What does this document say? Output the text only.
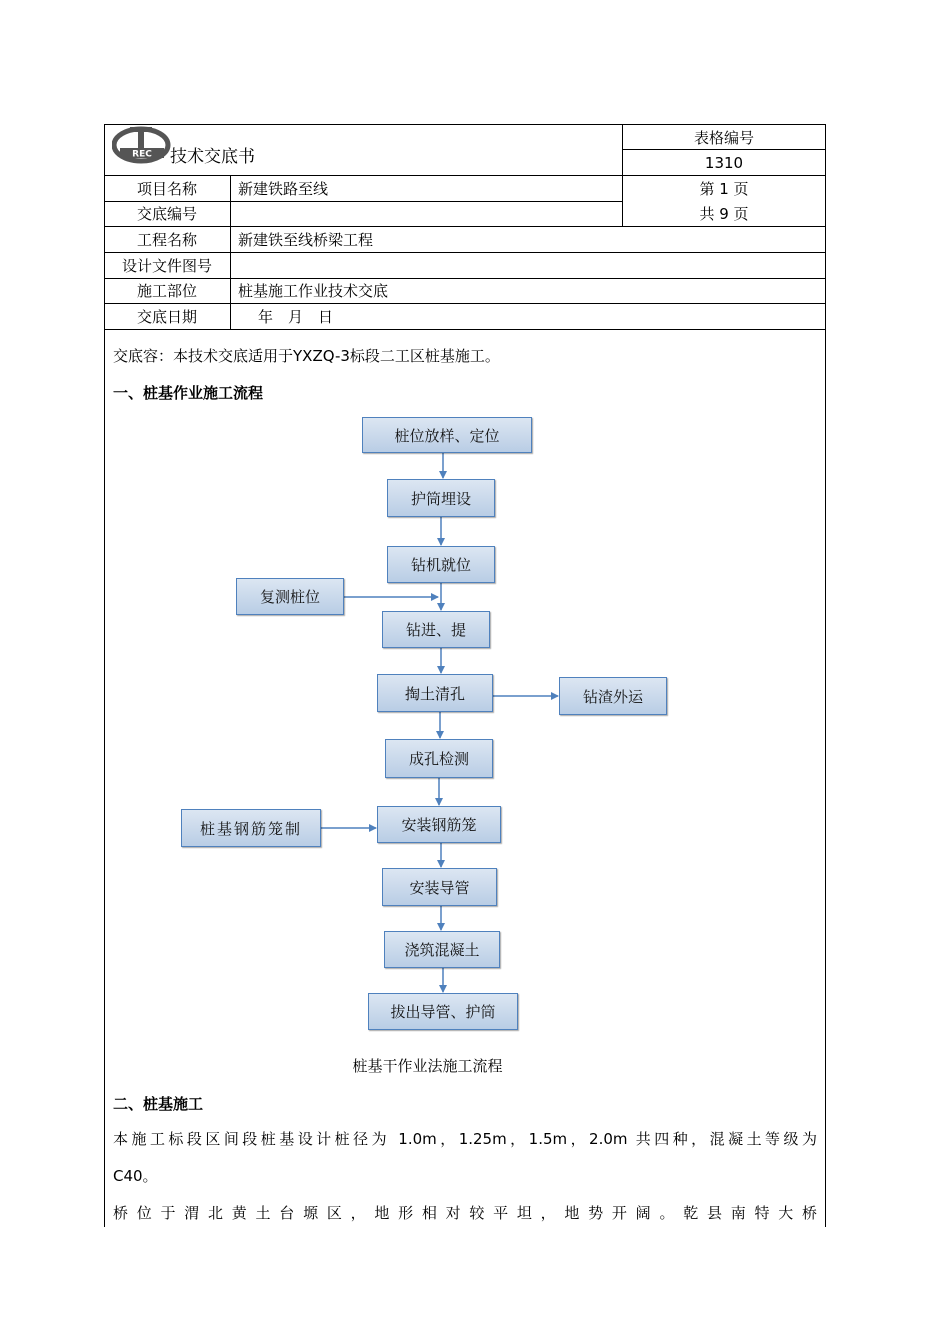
REC 技术交底书
表格编号
1310
第 1 页
共 9 页
项目名称	新建铁路至线
交底编号
工程名称	新建铁至线桥梁工程
设计文件图号
施工部位	桩基施工作业技术交底
交底日期	年　月　日
交底容：本技术交底适用于YXZQ-3标段二工区桩基施工。
一、桩基作业施工流程
桩位放样、定位
护筒埋设
钻机就位
复测桩位
钻进、提
掏土清孔	钻渣外运
成孔检测
桩基钢筋笼制	安装钢筋笼
安装导管
浇筑混凝土
拔出导管、护筒
桩基干作业法施工流程
二、桩基施工
本施工标段区间段桩基设计桩径为 1.0m，1.25m，1.5m，2.0m 共四种，混凝土等级为
C40。
桥位于渭北黄土台塬区，地形相对较平坦，地势开阔。乾县南特大桥
